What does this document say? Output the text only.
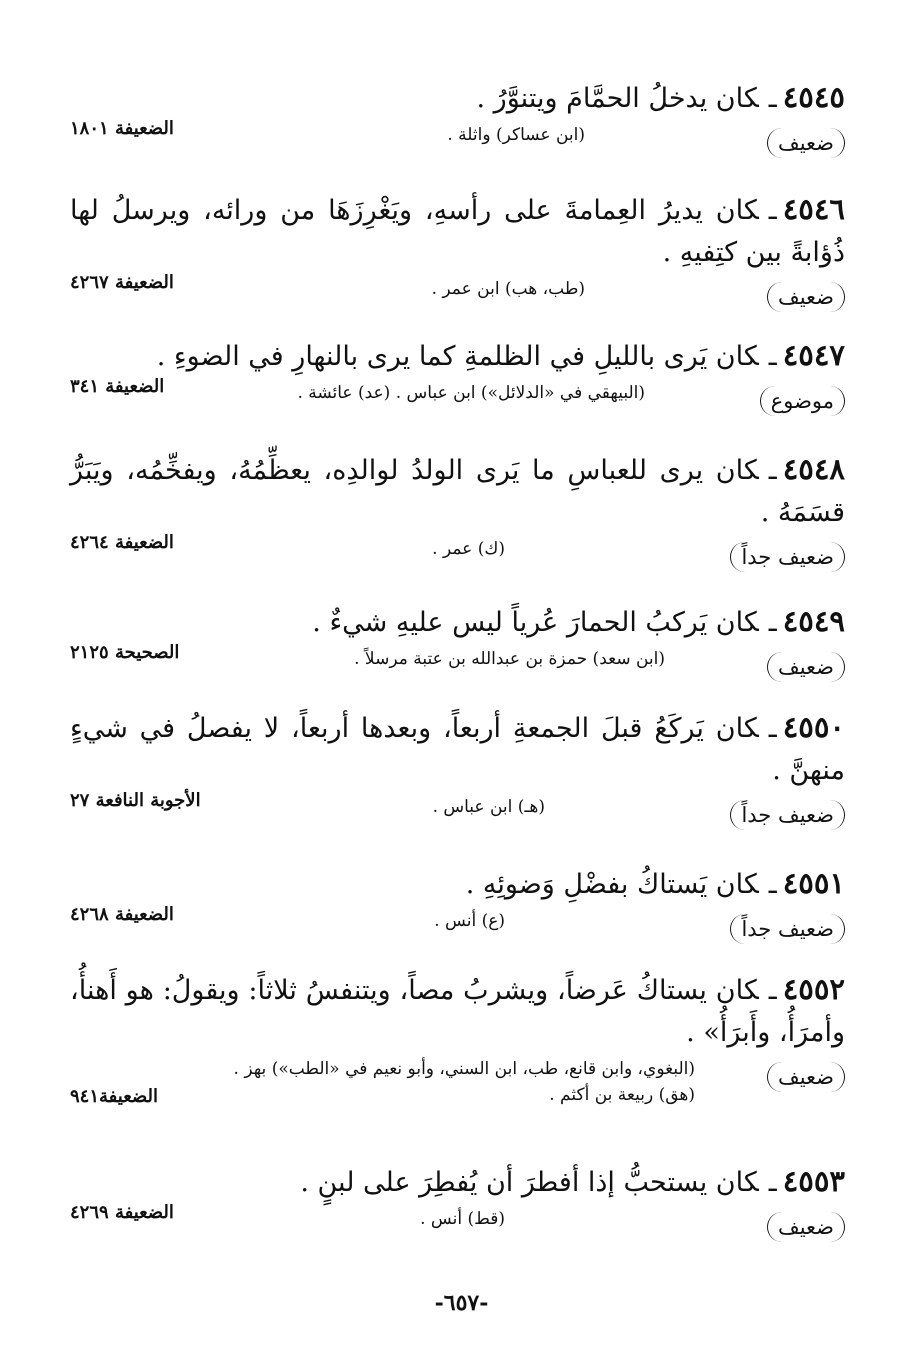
٤٥٤٥ـكان يدخلُ الحمَّامَ ويتنوَّرُ .
ضعيف
(ابن عساكر) واثلة .
الضعيفة ١٨٠١
٤٥٤٦ـكان يديرُ العِمامةَ على رأسهِ، ويَغْرِزَهَا من ورائه، ويرسلُ لها ذُؤابةً بين كتِفيهِ .
ضعيف
(طب، هب) ابن عمر .
الضعيفة ٤٢٦٧
٤٥٤٧ـكان يَرى بالليلِ في الظلمةِ كما يرى بالنهارِ في الضوءِ .
موضوع
(البيهقي في «الدلائل») ابن عباس . (عد) عائشة .
الضعيفة ٣٤١
٤٥٤٨ـكان يرى للعباسِ ما يَرى الولدُ لوالدِه، يعظِّمُهُ، ويفخِّمُه، ويَبَرُّ قسَمَهُ .
ضعيف جداً
(ك) عمر .
الضعيفة ٤٢٦٤
٤٥٤٩ـكان يَركبُ الحمارَ عُرياً ليس عليهِ شيءٌ .
ضعيف
(ابن سعد) حمزة بن عبدالله بن عتبة مرسلاً .
الصحيحة ٢١٢٥
٤٥٥٠ـكان يَركَعُ قبلَ الجمعةِ أربعاً، وبعدها أربعاً، لا يفصلُ في شيءٍ منهنَّ .
ضعيف جداً
(هـ) ابن عباس .
الأجوبة النافعة ٢٧
٤٥٥١ـكان يَستاكُ بفضْلِ وَضوئِهِ .
ضعيف جداً
(ع) أنس .
الضعيفة ٤٢٦٨
٤٥٥٢ـكان يستاكُ عَرضاً، ويشربُ مصاً، ويتنفسُ ثلاثاً: ويقولُ: هو أَهنأُ، وأمرَأُ، وأَبرَأُ» .
ضعيف
(البغوي، وابن قانع، طب، ابن السني، وأبو نعيم في «الطب») بهز . (هق) ربيعة بن أكثم .
الضعيفة٩٤١
٤٥٥٣ـكان يستحبُّ إذا أفطرَ أن يُفطِرَ على لبنٍ .
ضعيف
(قط) أنس .
الضعيفة ٤٢٦٩
-٦٥٧-
